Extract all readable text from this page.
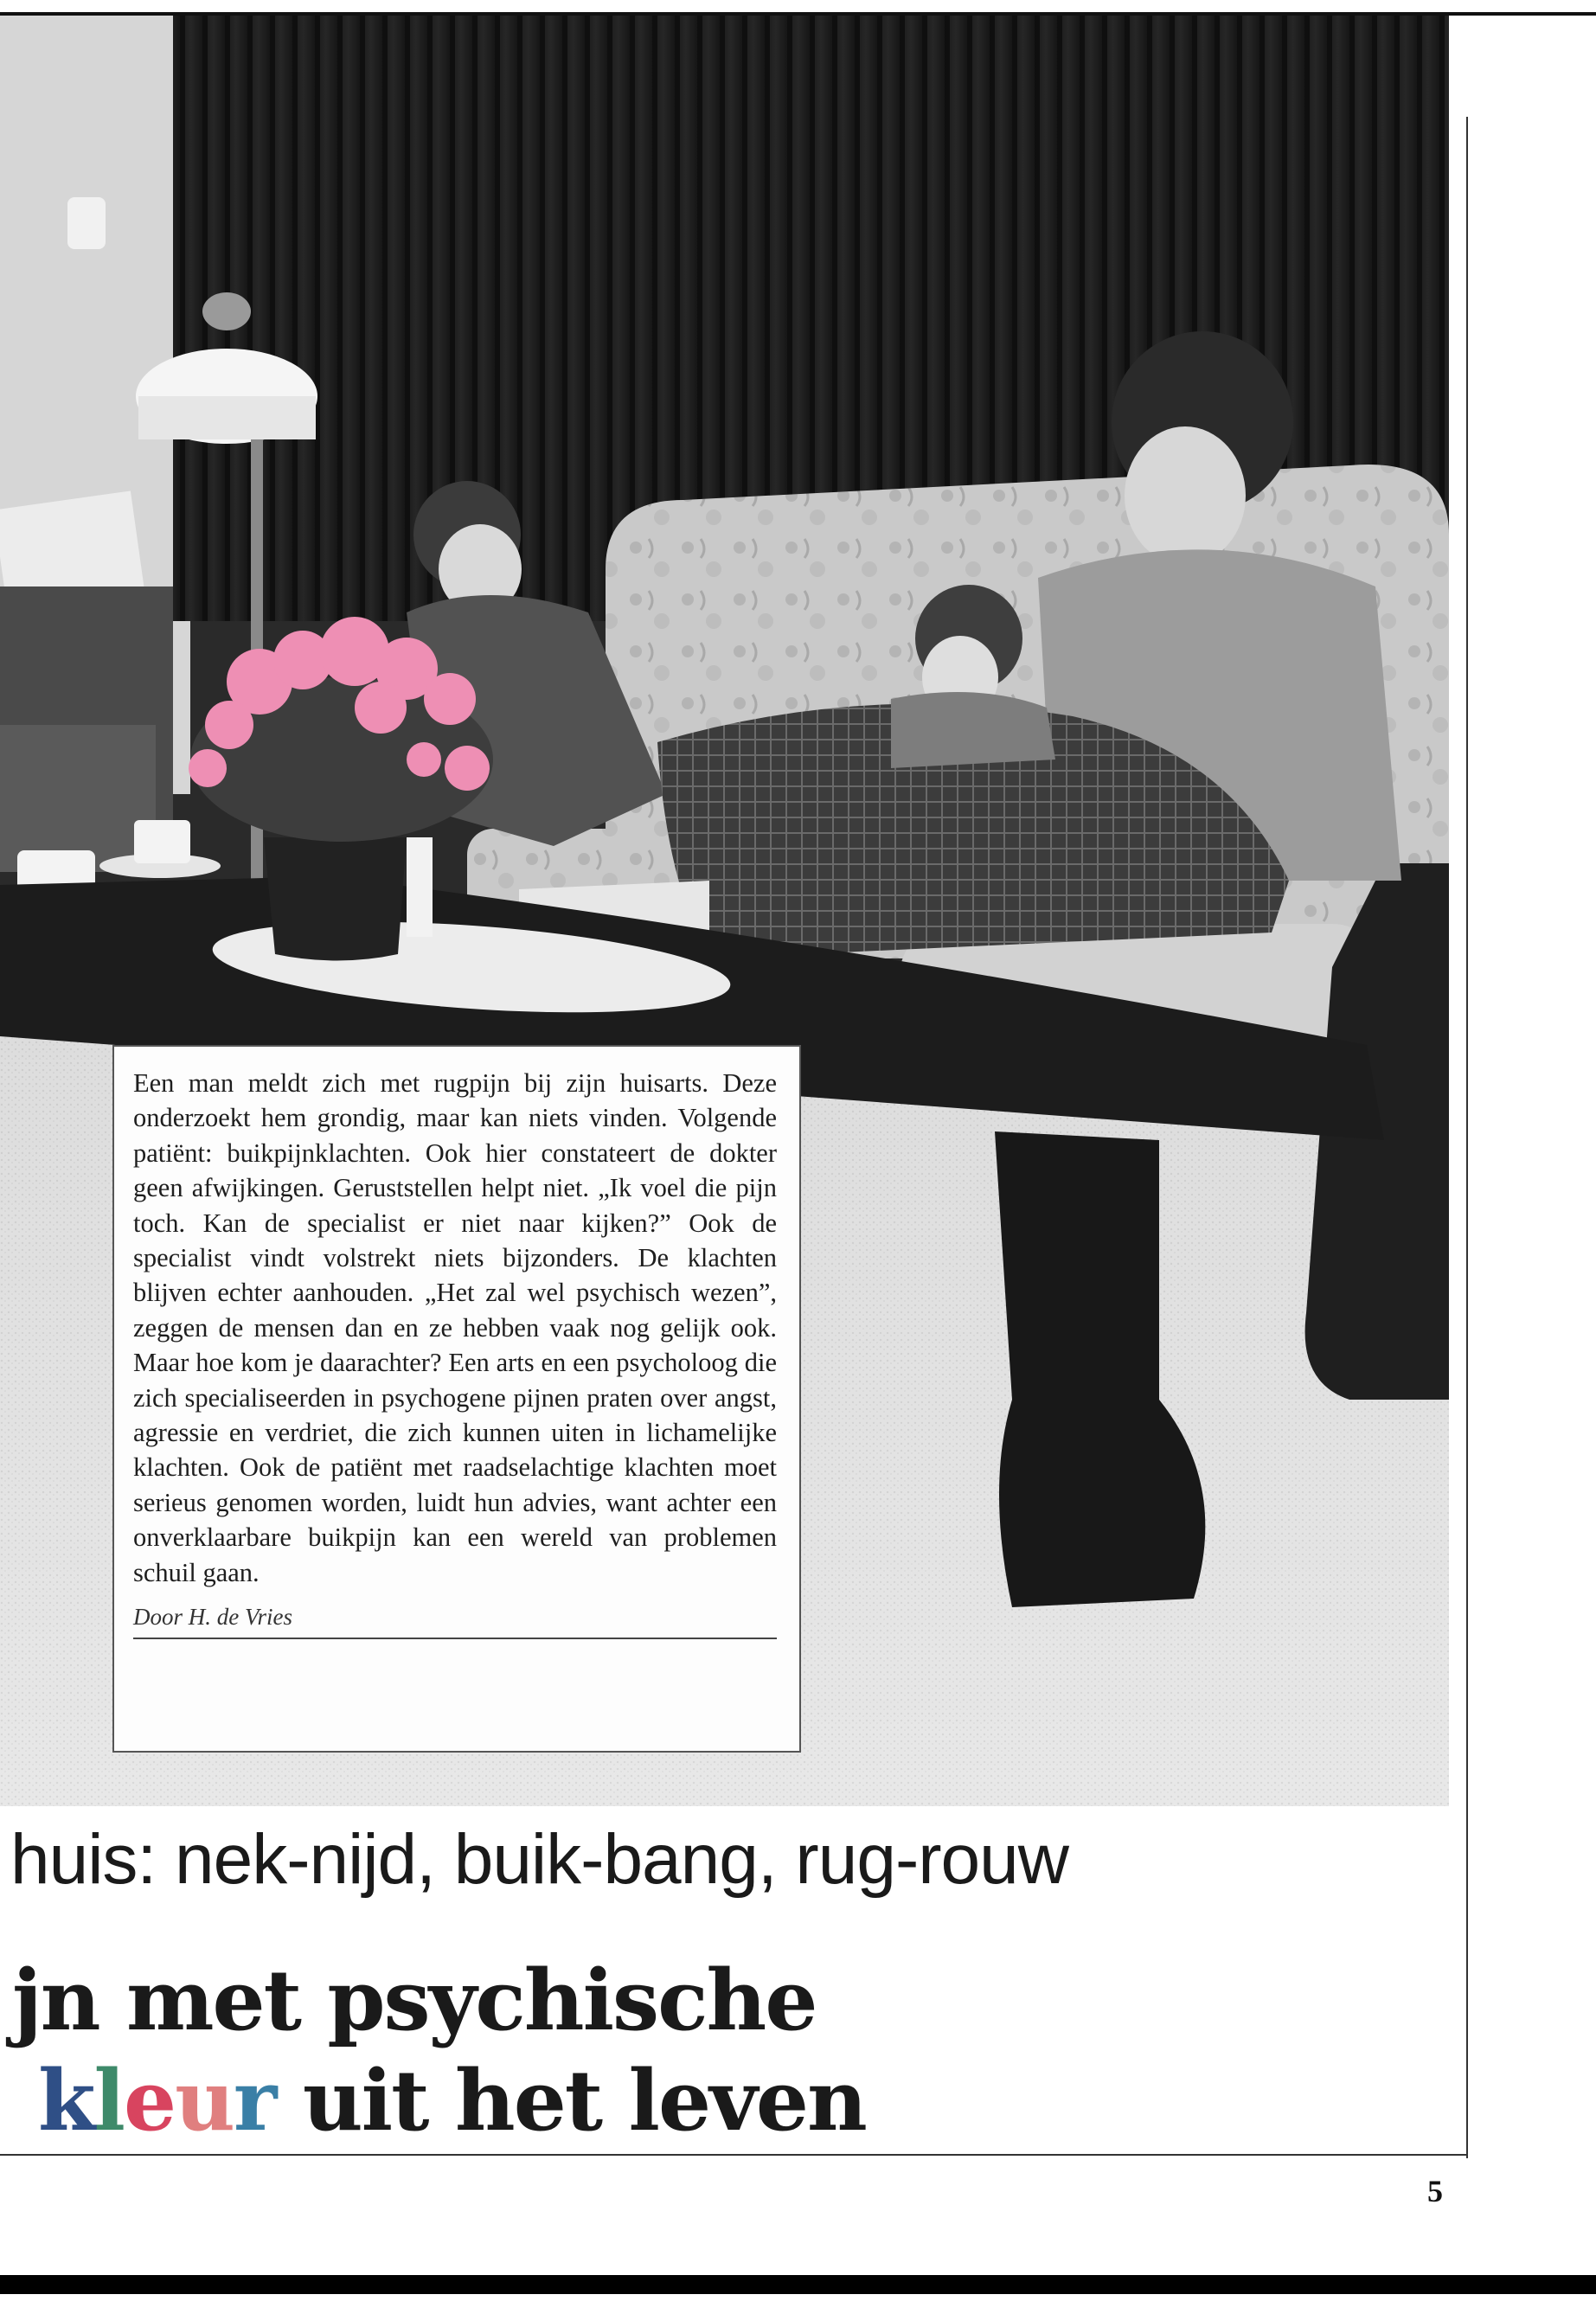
Een man meldt zich met rugpijn bij zijn huisarts. Deze onderzoekt hem grondig, maar kan niets vinden. Volgende patiënt: buikpijnklachten. Ook hier constateert de dokter geen afwijkingen. Geruststellen helpt niet. „Ik voel die pijn toch. Kan de specialist er niet naar kijken?” Ook de specialist vindt volstrekt niets bijzonders. De klachten blijven echter aanhouden. „Het zal wel psychisch wezen”, zeggen de mensen dan en ze hebben vaak nog gelijk ook. Maar hoe kom je daarachter? Een arts en een psycholoog die zich specialiseerden in psychogene pijnen praten over angst, agressie en verdriet, die zich kunnen uiten in lichamelijke klachten. Ook de patiënt met raadselachtige klachten moet serieus genomen worden, luidt hun advies, want achter een onverklaarbare buikpijn kan een wereld van problemen schuil gaan.

Door H. de Vries
huis: nek-nijd, buik-bang, rug-rouw
jn met psychische
kleur uit het leven
5
